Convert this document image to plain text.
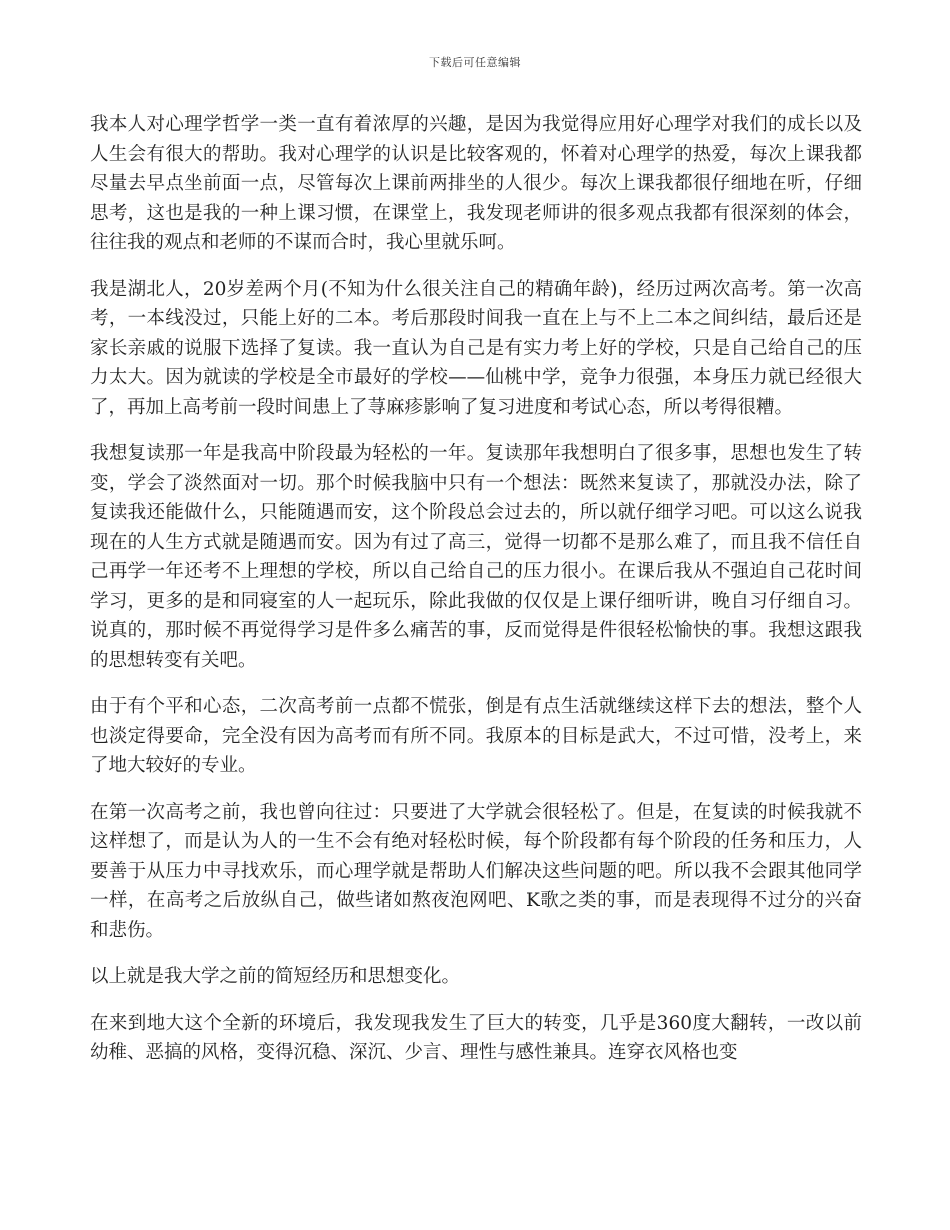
下载后可任意编辑

我本人对心理学哲学一类一直有着浓厚的兴趣，是因为我觉得应用好心理学对我们的成长以及人生会有很大的帮助。我对心理学的认识是比较客观的，怀着对心理学的热爱，每次上课我都尽量去早点坐前面一点，尽管每次上课前两排坐的人很少。每次上课我都很仔细地在听，仔细思考，这也是我的一种上课习惯，在课堂上，我发现老师讲的很多观点我都有很深刻的体会，往往我的观点和老师的不谋而合时，我心里就乐呵。

我是湖北人，20岁差两个月(不知为什么很关注自己的精确年龄)，经历过两次高考。第一次高考，一本线没过，只能上好的二本。考后那段时间我一直在上与不上二本之间纠结，最后还是家长亲戚的说服下选择了复读。我一直认为自己是有实力考上好的学校，只是自己给自己的压力太大。因为就读的学校是全市最好的学校——仙桃中学，竞争力很强，本身压力就已经很大了，再加上高考前一段时间患上了荨麻疹影响了复习进度和考试心态，所以考得很糟。

我想复读那一年是我高中阶段最为轻松的一年。复读那年我想明白了很多事，思想也发生了转变，学会了淡然面对一切。那个时候我脑中只有一个想法：既然来复读了，那就没办法，除了复读我还能做什么，只能随遇而安，这个阶段总会过去的，所以就仔细学习吧。可以这么说我现在的人生方式就是随遇而安。因为有过了高三，觉得一切都不是那么难了，而且我不信任自己再学一年还考不上理想的学校，所以自己给自己的压力很小。在课后我从不强迫自己花时间学习，更多的是和同寝室的人一起玩乐，除此我做的仅仅是上课仔细听讲，晚自习仔细自习。说真的，那时候不再觉得学习是件多么痛苦的事，反而觉得是件很轻松愉快的事。我想这跟我的思想转变有关吧。

由于有个平和心态，二次高考前一点都不慌张，倒是有点生活就继续这样下去的想法，整个人也淡定得要命，完全没有因为高考而有所不同。我原本的目标是武大，不过可惜，没考上，来了地大较好的专业。

在第一次高考之前，我也曾向往过：只要进了大学就会很轻松了。但是，在复读的时候我就不这样想了，而是认为人的一生不会有绝对轻松时候，每个阶段都有每个阶段的任务和压力，人要善于从压力中寻找欢乐，而心理学就是帮助人们解决这些问题的吧。所以我不会跟其他同学一样，在高考之后放纵自己，做些诸如熬夜泡网吧、K歌之类的事，而是表现得不过分的兴奋和悲伤。

以上就是我大学之前的简短经历和思想变化。

在来到地大这个全新的环境后，我发现我发生了巨大的转变，几乎是360度大翻转，一改以前幼稚、恶搞的风格，变得沉稳、深沉、少言、理性与感性兼具。连穿衣风格也变
